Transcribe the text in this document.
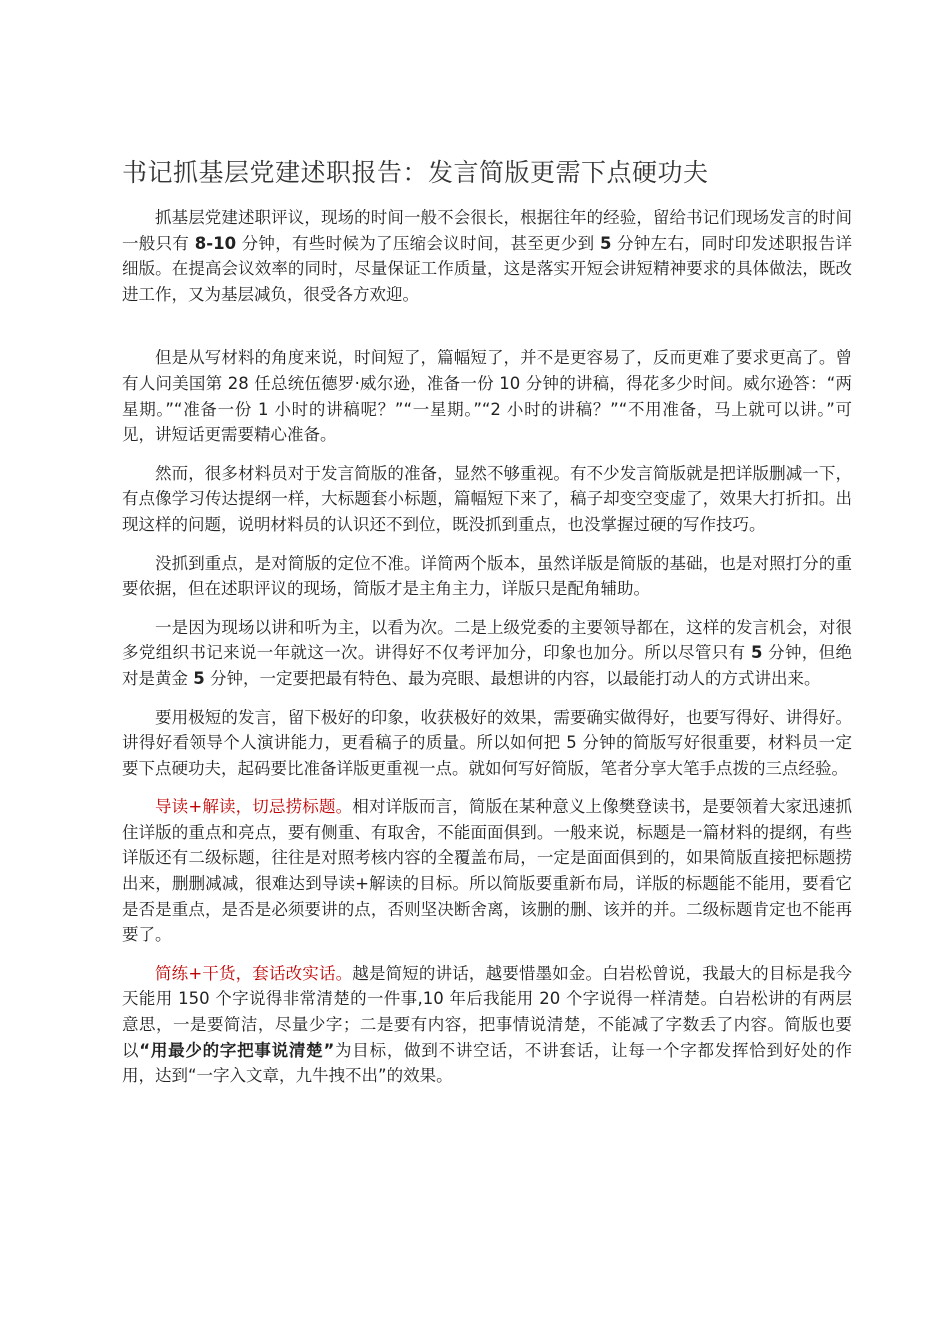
书记抓基层党建述职报告：发言简版更需下点硬功夫

抓基层党建述职评议，现场的时间一般不会很长，根据往年的经验，留给书记们现场发言的时间一般只有 8-10 分钟，有些时候为了压缩会议时间，甚至更少到 5 分钟左右，同时印发述职报告详细版。在提高会议效率的同时，尽量保证工作质量，这是落实开短会讲短精神要求的具体做法，既改进工作，又为基层减负，很受各方欢迎。

但是从写材料的角度来说，时间短了，篇幅短了，并不是更容易了，反而更难了要求更高了。曾有人问美国第 28 任总统伍德罗·威尔逊，准备一份 10 分钟的讲稿，得花多少时间。威尔逊答：“两星期。”“准备一份 1 小时的讲稿呢？”“一星期。”“2 小时的讲稿？”“不用准备，马上就可以讲。”可见，讲短话更需要精心准备。

然而，很多材料员对于发言简版的准备，显然不够重视。有不少发言简版就是把详版删减一下，有点像学习传达提纲一样，大标题套小标题，篇幅短下来了，稿子却变空变虚了，效果大打折扣。出现这样的问题，说明材料员的认识还不到位，既没抓到重点，也没掌握过硬的写作技巧。

没抓到重点，是对简版的定位不准。详简两个版本，虽然详版是简版的基础，也是对照打分的重要依据，但在述职评议的现场，简版才是主角主力，详版只是配角辅助。

一是因为现场以讲和听为主，以看为次。二是上级党委的主要领导都在，这样的发言机会，对很多党组织书记来说一年就这一次。讲得好不仅考评加分，印象也加分。所以尽管只有 5 分钟，但绝对是黄金 5 分钟，一定要把最有特色、最为亮眼、最想讲的内容，以最能打动人的方式讲出来。

要用极短的发言，留下极好的印象，收获极好的效果，需要确实做得好，也要写得好、讲得好。讲得好看领导个人演讲能力，更看稿子的质量。所以如何把 5 分钟的简版写好很重要，材料员一定要下点硬功夫，起码要比准备详版更重视一点。就如何写好简版，笔者分享大笔手点拨的三点经验。

导读+解读，切忌捞标题。相对详版而言，简版在某种意义上像樊登读书，是要领着大家迅速抓住详版的重点和亮点，要有侧重、有取舍，不能面面俱到。一般来说，标题是一篇材料的提纲，有些详版还有二级标题，往往是对照考核内容的全覆盖布局，一定是面面俱到的，如果简版直接把标题捞出来，删删减减，很难达到导读+解读的目标。所以简版要重新布局，详版的标题能不能用，要看它是否是重点，是否是必须要讲的点，否则坚决断舍离，该删的删、该并的并。二级标题肯定也不能再要了。

简练+干货，套话改实话。越是简短的讲话，越要惜墨如金。白岩松曾说，我最大的目标是我今天能用 150 个字说得非常清楚的一件事,10 年后我能用 20 个字说得一样清楚。白岩松讲的有两层意思，一是要简洁，尽量少字；二是要有内容，把事情说清楚，不能减了字数丢了内容。简版也要以“用最少的字把事说清楚”为目标，做到不讲空话，不讲套话，让每一个字都发挥恰到好处的作用，达到“一字入文章，九牛拽不出”的效果。
